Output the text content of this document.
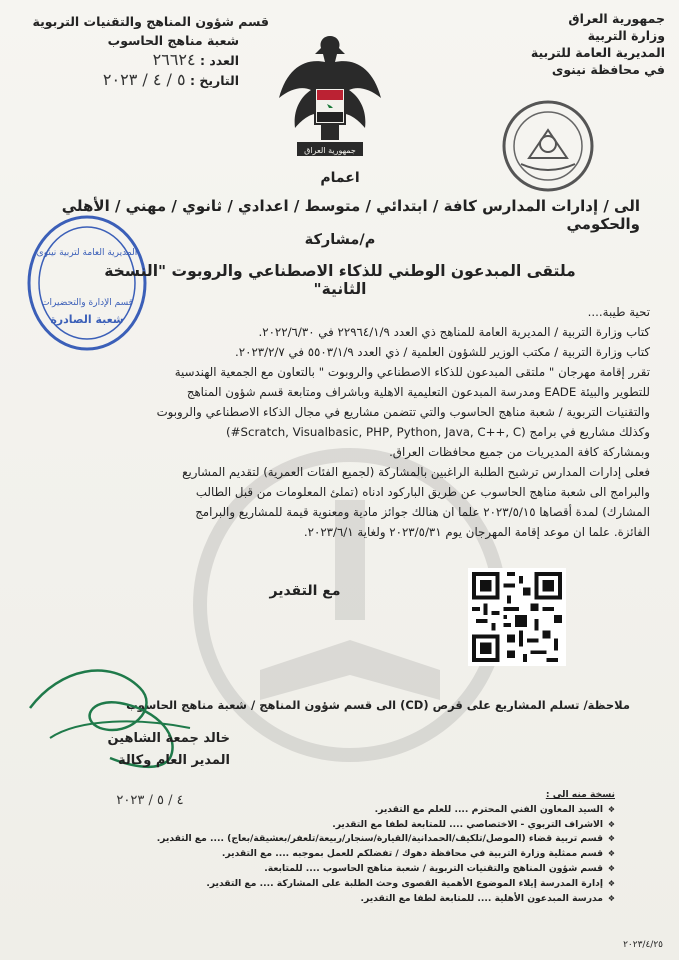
جمهورية العراق
وزارة التربية
المديرية العامة للتربية
في محافظة نينوى
قسم شؤون المناهج والتقنيات التربوية
شعبة مناهج الحاسوب
العدد : ٢٦٦٢٤
التاريخ : ٥ / ٤ / ٢٠٢٣
جمهورية العراق
اعمام
الى / إدارات المدارس كافة / ابتدائي / متوسط / اعدادي / ثانوي / مهني / الأهلي والحكومي
المديرية العامة لتربية نينوى
قسم الإدارة والتحضيرات
شعبة الصادرة
م/مشاركة
ملتقى المبدعون الوطني للذكاء الاصطناعي والروبوت "النسخة الثانية"
تحية طيبة....
كتاب وزارة التربية / المديرية العامة للمناهج ذي العدد ٢٢٩٦٤/١/٩ في ٢٠٢٢/٦/٣٠.
كتاب وزارة التربية / مكتب الوزير للشؤون العلمية / ذي العدد ٥٥٠٣/١/٩ في ٢٠٢٣/٢/٧.
تقرر إقامة مهرجان " ملتقى المبدعون للذكاء الاصطناعي والروبوت " بالتعاون مع الجمعية الهندسية
للتطوير والبيئة EADE ومدرسة المبدعون التعليمية الاهلية وباشراف ومتابعة قسم شؤون المناهج
والتقنيات التربوية / شعبة مناهج الحاسوب والتي تتضمن مشاريع في مجال الذكاء الاصطناعي والروبوت
وكذلك مشاريع في برامج (Scratch, Visualbasic, PHP, Python, Java, C++, C#)
وبمشاركة كافة المديريات من جميع محافظات العراق.
فعلى إدارات المدارس ترشيح الطلبة الراغبين بالمشاركة (لجميع الفئات العمرية) لتقديم المشاريع
والبرامج الى شعبة مناهج الحاسوب عن طريق الباركود ادناه (تملئ المعلومات من قبل الطالب
المشارك) لمدة أقصاها ٢٠٢٣/٥/١٥ علما ان هنالك جوائز مادية ومعنوية قيمة للمشاريع والبرامج
الفائزة. علما ان موعد إقامة المهرجان يوم ٢٠٢٣/٥/٣١ ولغاية ٢٠٢٣/٦/١.
مع التقدير
ملاحظة/ تسلم المشاريع على قرص (CD) الى قسم شؤون المناهج / شعبة مناهج الحاسوب
خالد جمعة الشاهين
المدير العام وكالة
٤ / ٥ / ٢٠٢٣	نسخة منه الى :
❖ السيد المعاون الفني المحترم .... للعلم مع التقدير.
❖ الاشراف التربوي - الاختصاصي .... للمتابعة لطفا مع التقدير.
❖ قسم تربية قضاء (الموصل/تلكيف/الحمدانية/القيارة/سنجار/ربيعة/تلعفر/بعشيقة/بعاج) .... مع التقدير.
❖ قسم ممثلية وزارة التربية في محافظة دهوك / تفضلكم للعمل بموجبه .... مع التقدير.
❖ قسم شؤون المناهج والتقنيات التربوية / شعبة مناهج الحاسوب .... للمتابعة.
❖ إدارة المدرسة إيلاء الموضوع الأهمية القصوى وحث الطلبة على المشاركة .... مع التقدير.
❖ مدرسة المبدعون الأهلية .... للمتابعة لطفا مع التقدير.
٢٠٢٣/٤/٢٥
